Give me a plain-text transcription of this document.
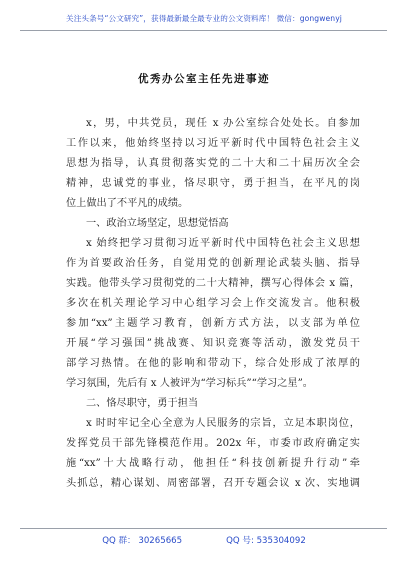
关注头条号“公文研究”，获得最新最全最专业的公文资料库！ 微信：gongwenyj
优秀办公室主任先进事迹
x，男，中共党员，现任 x 办公室综合处处长。自参加
工作以来，他始终坚持以习近平新时代中国特色社会主义
思想为指导，认真贯彻落实党的二十大和二十届历次全会
精神，忠诚党的事业，恪尽职守，勇于担当，在平凡的岗
位上做出了不平凡的成绩。
一、政治立场坚定，思想觉悟高
x 始终把学习贯彻习近平新时代中国特色社会主义思想
作为首要政治任务，自觉用党的创新理论武装头脑、指导
实践。他带头学习贯彻党的二十大精神，撰写心得体会 x 篇，
多次在机关理论学习中心组学习会上作交流发言。他积极
参加“xx”主题学习教育，创新方式方法，以支部为单位
开展“学习强国”挑战赛、知识竞赛等活动，激发党员干
部学习热情。在他的影响和带动下，综合处形成了浓厚的
学习氛围，先后有 x 人被评为“学习标兵”“学习之星”。
二、恪尽职守，勇于担当
x 时时牢记全心全意为人民服务的宗旨，立足本职岗位，
发挥党员干部先锋模范作用。202x 年，市委市政府确定实
施“xx”十大战略行动，他担任“科技创新提升行动”牵
头抓总，精心谋划、周密部署，召开专题会议 x 次、实地调
QQ 群： 30265665	QQ 号: 535304092
